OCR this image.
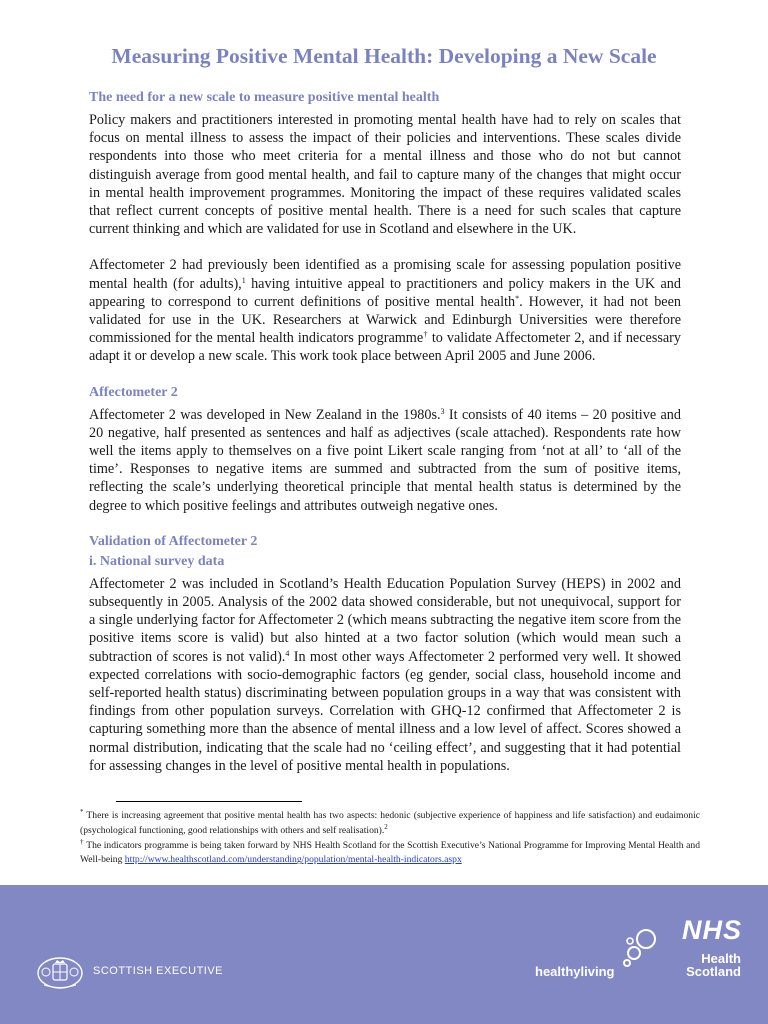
Measuring Positive Mental Health: Developing a New Scale
The need for a new scale to measure positive mental health

Policy makers and practitioners interested in promoting mental health have had to rely on scales that focus on mental illness to assess the impact of their policies and interventions. These scales divide respondents into those who meet criteria for a mental illness and those who do not but cannot distinguish average from good mental health, and fail to capture many of the changes that might occur in mental health improvement programmes. Monitoring the impact of these requires validated scales that reflect current concepts of positive mental health. There is a need for such scales that capture current thinking and which are validated for use in Scotland and elsewhere in the UK.

Affectometer 2 had previously been identified as a promising scale for assessing population positive mental health (for adults),$^1$ having intuitive appeal to practitioners and policy makers in the UK and appearing to correspond to current definitions of positive mental health*. However, it had not been validated for use in the UK. Researchers at Warwick and Edinburgh Universities were therefore commissioned for the mental health indicators programme† to validate Affectometer 2, and if necessary adapt it or develop a new scale. This work took place between April 2005 and June 2006.

Affectometer 2

Affectometer 2 was developed in New Zealand in the 1980s.$^3$ It consists of 40 items – 20 positive and 20 negative, half presented as sentences and half as adjectives (scale attached). Respondents rate how well the items apply to themselves on a five point Likert scale ranging from ‘not at all’ to ‘all of the time’. Responses to negative items are summed and subtracted from the sum of positive items, reflecting the scale’s underlying theoretical principle that mental health status is determined by the degree to which positive feelings and attributes outweigh negative ones.

Validation of Affectometer 2
i. National survey data

Affectometer 2 was included in Scotland’s Health Education Population Survey (HEPS) in 2002 and subsequently in 2005. Analysis of the 2002 data showed considerable, but not unequivocal, support for a single underlying factor for Affectometer 2 (which means subtracting the negative item score from the positive items score is valid) but also hinted at a two factor solution (which would mean such a subtraction of scores is not valid).$^4$ In most other ways Affectometer 2 performed very well. It showed expected correlations with socio-demographic factors (eg gender, social class, household income and self-reported health status) discriminating between population groups in a way that was consistent with findings from other population surveys. Correlation with GHQ-12 confirmed that Affectometer 2 is capturing something more than the absence of mental illness and a low level of affect. Scores showed a normal distribution, indicating that the scale had no ‘ceiling effect’, and suggesting that it had potential for assessing changes in the level of positive mental health in populations.

* There is increasing agreement that positive mental health has two aspects: hedonic (subjective experience of happiness and life satisfaction) and eudaimonic (psychological functioning, good relationships with others and self realisation).$^2$
† The indicators programme is being taken forward by NHS Health Scotland for the Scottish Executive’s National Programme for Improving Mental Health and Well-being http://www.healthscotland.com/understanding/population/mental-health-indicators.aspx
SCOTTISH EXECUTIVE	healthyliving
NHS
Health
Scotland
